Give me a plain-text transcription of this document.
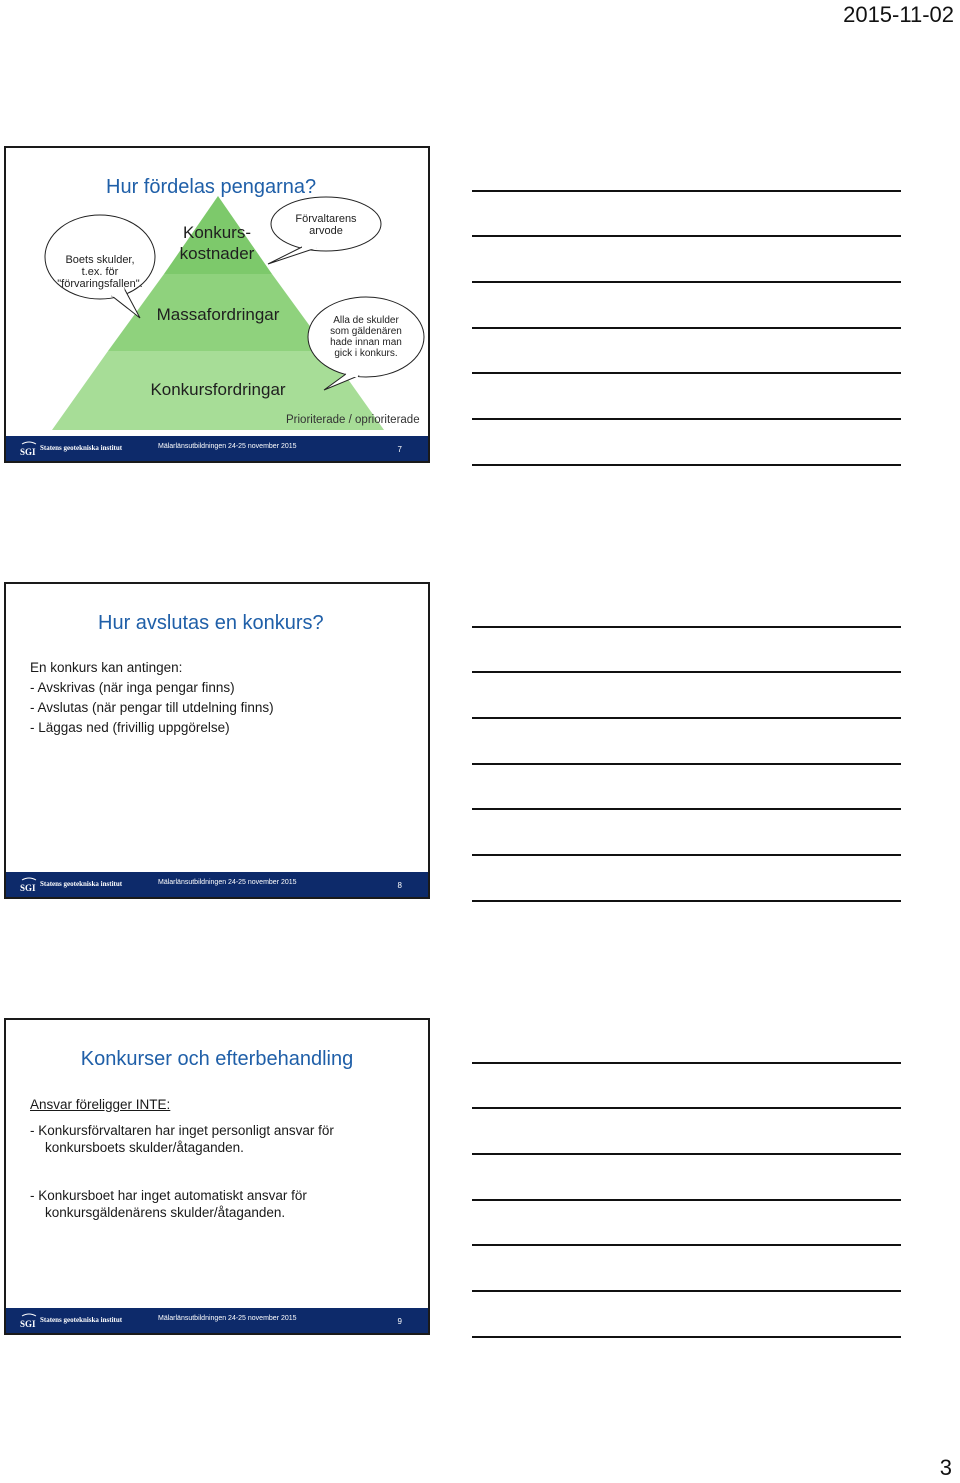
2015-11-02
Hur fördelas pengarna?
Konkurs-
kostnader
Massafordringar
Konkursfordringar
Boets skulder,
t.ex. för
"förvaringsfallen".
Förvaltarens
arvode
Alla de skulder
som gäldenären
hade innan man
gick i konkurs.
Prioriterade / oprioriterade
SGI Statens geotekniska institut	Mälarlänsutbildningen 24-25 november 2015	7
Hur avslutas en konkurs?
En konkurs kan antingen:
- Avskrivas (när inga pengar finns)
- Avslutas (när pengar till utdelning finns)
- Läggas ned (frivillig uppgörelse)
SGI Statens geotekniska institut	Mälarlänsutbildningen 24-25 november 2015	8
Konkurser och efterbehandling
Ansvar föreligger INTE:
- Konkursförvaltaren har inget personligt ansvar för
konkursboets skulder/åtaganden.
- Konkursboet har inget automatiskt ansvar för
konkursgäldenärens skulder/åtaganden.
SGI Statens geotekniska institut	Mälarlänsutbildningen 24-25 november 2015	9
3
